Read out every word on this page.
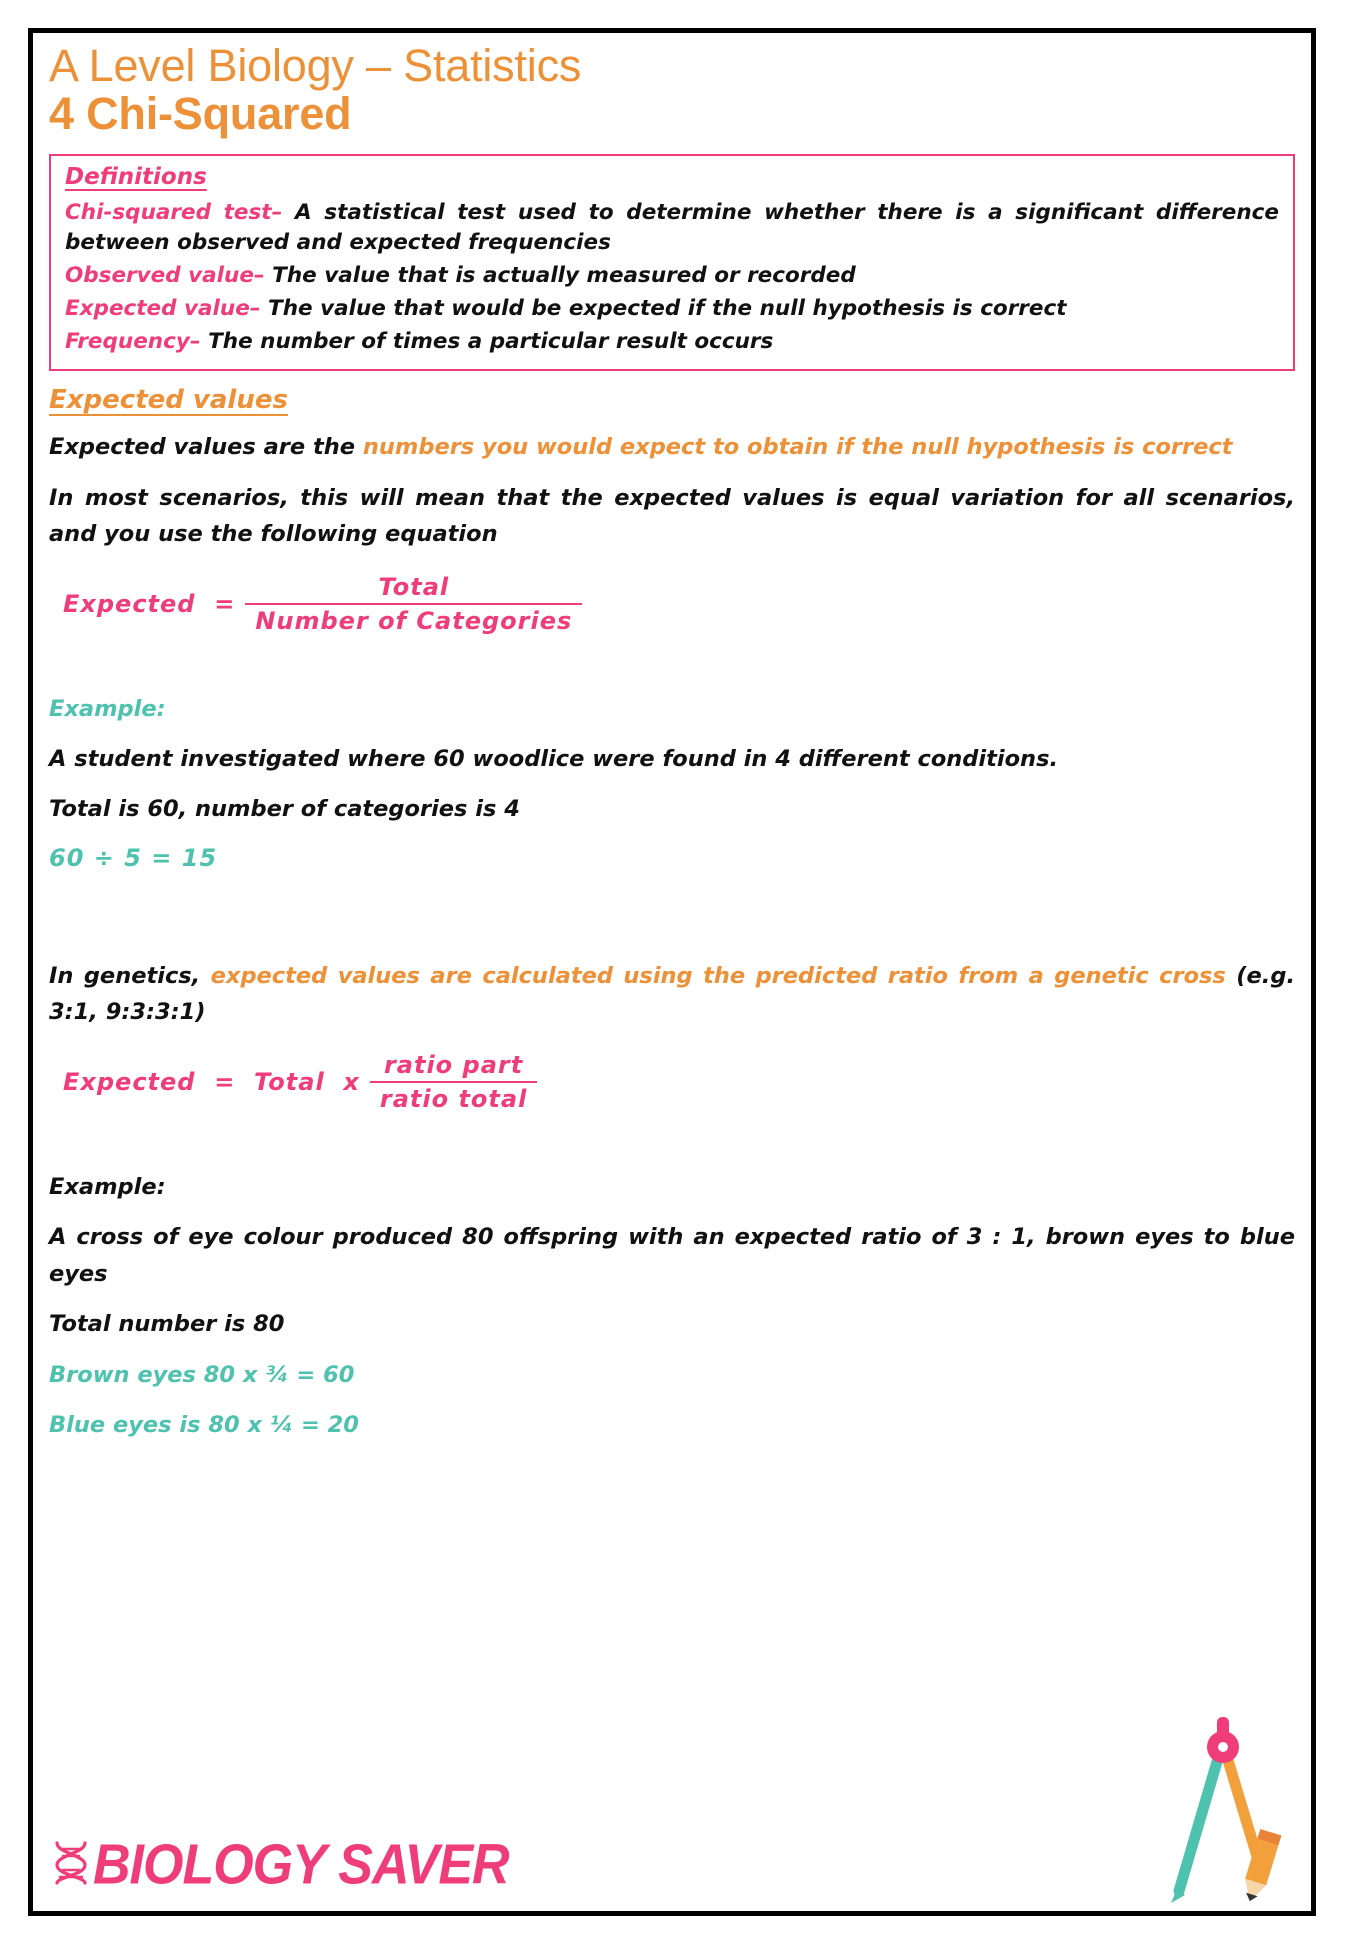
A Level Biology – Statistics
4 Chi-Squared
Definitions
Chi-squared test– A statistical test used to determine whether there is a significant difference between observed and expected frequencies
Observed value– The value that is actually measured or recorded
Expected value– The value that would be expected if the null hypothesis is correct
Frequency– The number of times a particular result occurs
Expected values
Expected values are the numbers you would expect to obtain if the null hypothesis is correct
In most scenarios, this will mean that the expected values is equal variation for all scenarios, and you use the following equation
Expected  = $\frac{\text{Total}}{\text{Number of Categories}}$
Example:
A student investigated where 60 woodlice were found in 4 different conditions.
Total is 60, number of categories is 4
60 ÷ 5 = 15
In genetics, expected values are calculated using the predicted ratio from a genetic cross (e.g. 3:1, 9:3:3:1)
Expected  =  Total  x $\frac{\text{ratio part}}{\text{ratio total}}$
Example:
A cross of eye colour produced 80 offspring with an expected ratio of 3 : 1, brown eyes to blue eyes
Total number is 80
Brown eyes 80 x ¾ = 60
Blue eyes is 80 x ¼ = 20
BIOLOGY SAVER
